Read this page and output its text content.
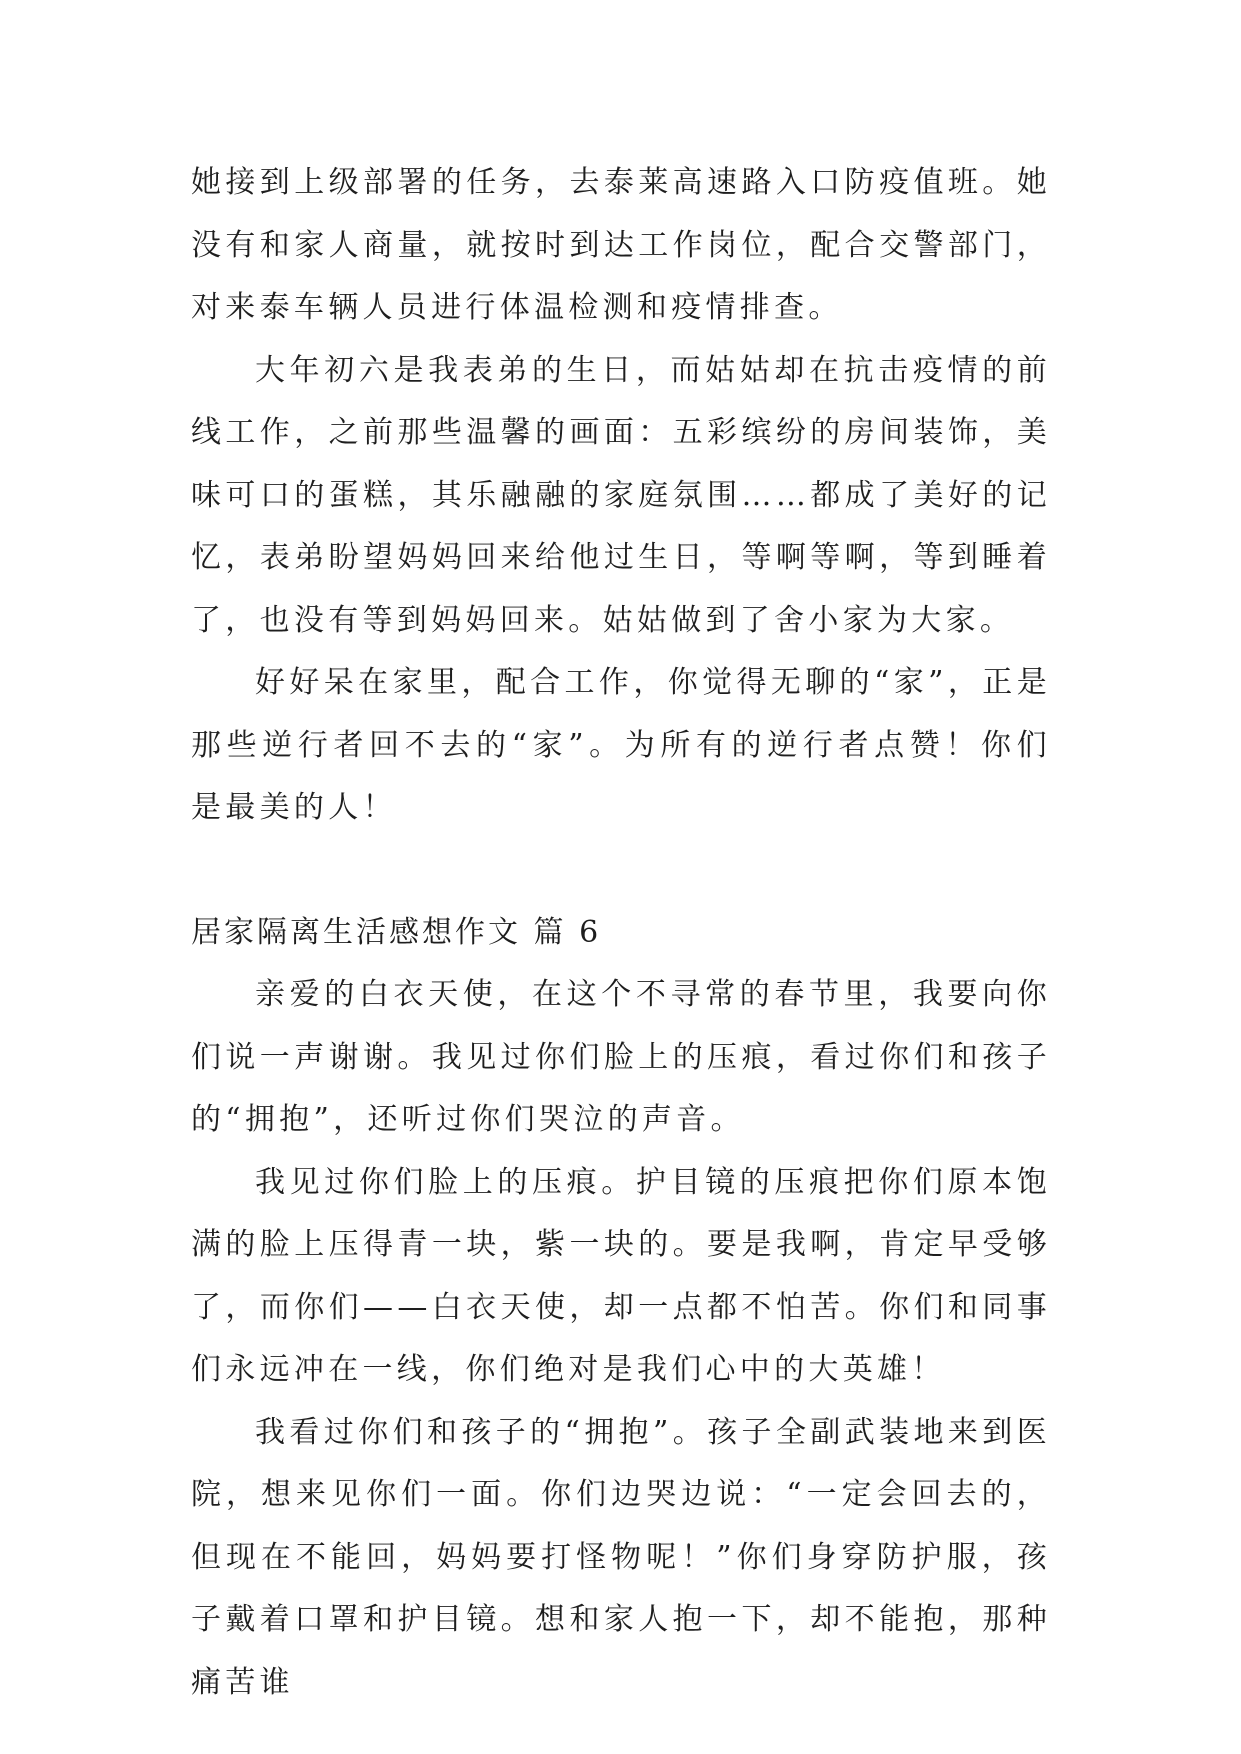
她接到上级部署的任务，去泰莱高速路入口防疫值班。她没有和家人商量，就按时到达工作岗位，配合交警部门，对来泰车辆人员进行体温检测和疫情排查。

大年初六是我表弟的生日，而姑姑却在抗击疫情的前线工作，之前那些温馨的画面：五彩缤纷的房间装饰，美味可口的蛋糕，其乐融融的家庭氛围……都成了美好的记忆，表弟盼望妈妈回来给他过生日，等啊等啊，等到睡着了，也没有等到妈妈回来。姑姑做到了舍小家为大家。

好好呆在家里，配合工作，你觉得无聊的“家”，正是那些逆行者回不去的“家”。为所有的逆行者点赞！你们是最美的人！

居家隔离生活感想作文 篇 6

亲爱的白衣天使，在这个不寻常的春节里，我要向你们说一声谢谢。我见过你们脸上的压痕，看过你们和孩子的“拥抱”，还听过你们哭泣的声音。

我见过你们脸上的压痕。护目镜的压痕把你们原本饱满的脸上压得青一块，紫一块的。要是我啊，肯定早受够了，而你们——白衣天使，却一点都不怕苦。你们和同事们永远冲在一线，你们绝对是我们心中的大英雄！

我看过你们和孩子的“拥抱”。孩子全副武装地来到医院，想来见你们一面。你们边哭边说：“一定会回去的，但现在不能回，妈妈要打怪物呢！”你们身穿防护服，孩子戴着口罩和护目镜。想和家人抱一下，却不能抱，那种痛苦谁
